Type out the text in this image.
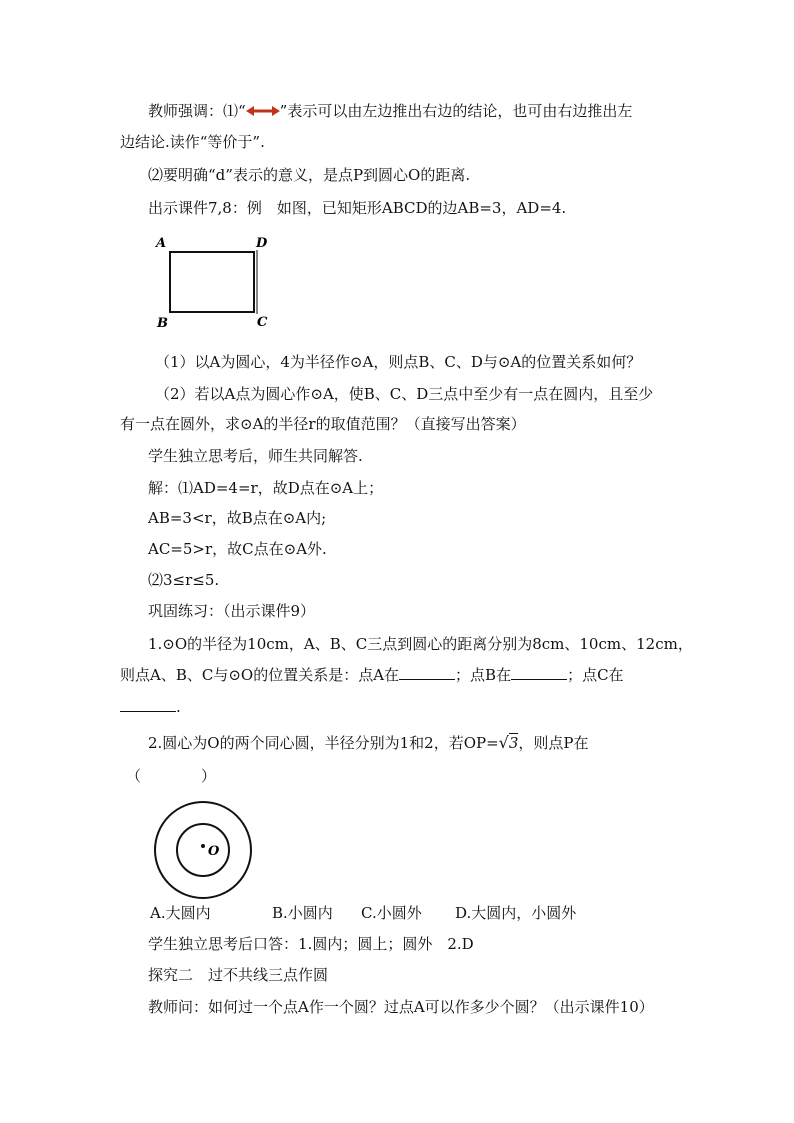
教师强调：⑴“ ”表示可以由左边推出右边的结论，也可由右边推出左
边结论.读作“等价于”.
⑵要明确“d”表示的意义，是点P到圆心O的距离.
出示课件7,8：例　如图，已知矩形ABCD的边AB=3，AD=4.
A	D
B	C
（1）以A为圆心，4为半径作⊙A，则点B、C、D与⊙A的位置关系如何？
（2）若以A点为圆心作⊙A，使B、C、D三点中至少有一点在圆内，且至少
有一点在圆外，求⊙A的半径r的取值范围？（直接写出答案）
学生独立思考后，师生共同解答.
解：⑴AD=4=r，故D点在⊙A上；
AB=3<r，故B点在⊙A内;
AC=5>r，故C点在⊙A外.
⑵3≤r≤5.
巩固练习：（出示课件9）
1.⊙O的半径为10cm，A、B、C三点到圆心的距离分别为8cm、10cm、12cm，
则点A、B、C与⊙O的位置关系是：点A在	；点B在	；点C在
.
2.圆心为O的两个同心圆，半径分别为1和2，若OP=√3，则点P在
（　　　　）
O
A.大圆内	B.小圆内 C.小圆外 D.大圆内，小圆外
学生独立思考后口答：1.圆内；圆上；圆外　2.D
探究二　过不共线三点作圆
教师问：如何过一个点A作一个圆？过点A可以作多少个圆？（出示课件10）
